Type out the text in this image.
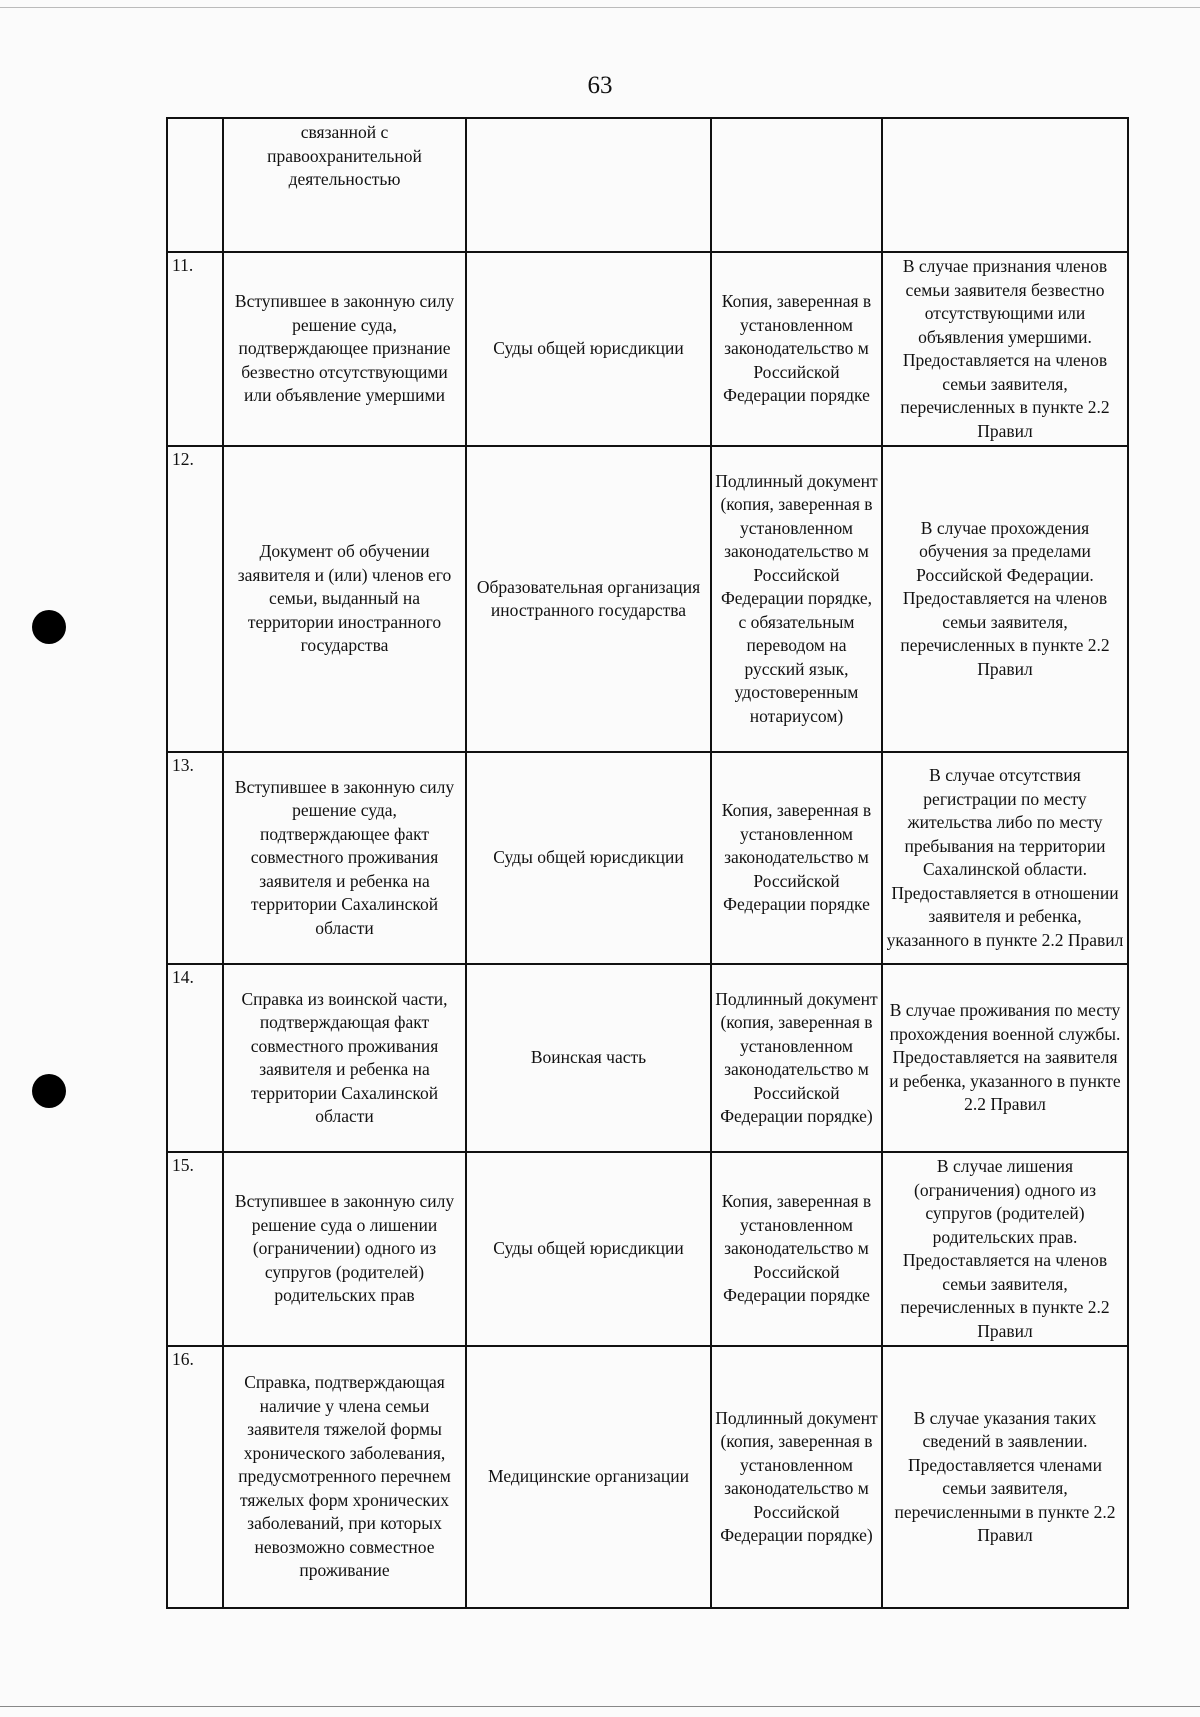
63
	связанной с правоохранительной деятельностью			
11.	Вступившее в законную силу решение суда, подтверждающее признание безвестно отсутствующими или объявление умершими	Суды общей юрисдикции	Копия, заверенная в установленном законодательство м Российской Федерации порядке	В случае признания членов семьи заявителя безвестно отсутствующими или объявления умершими. Предоставляется на членов семьи заявителя, перечисленных в пункте 2.2 Правил
12.	Документ об обучении заявителя и (или) членов его семьи, выданный на территории иностранного государства	Образовательная организация иностранного государства	Подлинный документ (копия, заверенная в установленном законодательство м Российской Федерации порядке, с обязательным переводом на русский язык, удостоверенным нотариусом)	В случае прохождения обучения за пределами Российской Федерации. Предоставляется на членов семьи заявителя, перечисленных в пункте 2.2 Правил
13.	Вступившее в законную силу решение суда, подтверждающее факт совместного проживания заявителя и ребенка на территории Сахалинской области	Суды общей юрисдикции	Копия, заверенная в установленном законодательство м Российской Федерации порядке	В случае отсутствия регистрации по месту жительства либо по месту пребывания на территории Сахалинской области. Предоставляется в отношении заявителя и ребенка, указанного в пункте 2.2 Правил
14.	Справка из воинской части, подтверждающая факт совместного проживания заявителя и ребенка на территории Сахалинской области	Воинская часть	Подлинный документ (копия, заверенная в установленном законодательство м Российской Федерации порядке)	В случае проживания по месту прохождения военной службы. Предоставляется на заявителя и ребенка, указанного в пункте 2.2 Правил
15.	Вступившее в законную силу решение суда о лишении (ограничении) одного из супругов (родителей) родительских прав	Суды общей юрисдикции	Копия, заверенная в установленном законодательство м Российской Федерации порядке	В случае лишения (ограничения) одного из супругов (родителей) родительских прав. Предоставляется на членов семьи заявителя, перечисленных в пункте 2.2 Правил
16.	Справка, подтверждающая наличие у члена семьи заявителя тяжелой формы хронического заболевания, предусмотренного перечнем тяжелых форм хронических заболеваний, при которых невозможно совместное проживание	Медицинские организации	Подлинный документ (копия, заверенная в установленном законодательство м Российской Федерации порядке)	В случае указания таких сведений в заявлении. Предоставляется членами семьи заявителя, перечисленными в пункте 2.2 Правил
